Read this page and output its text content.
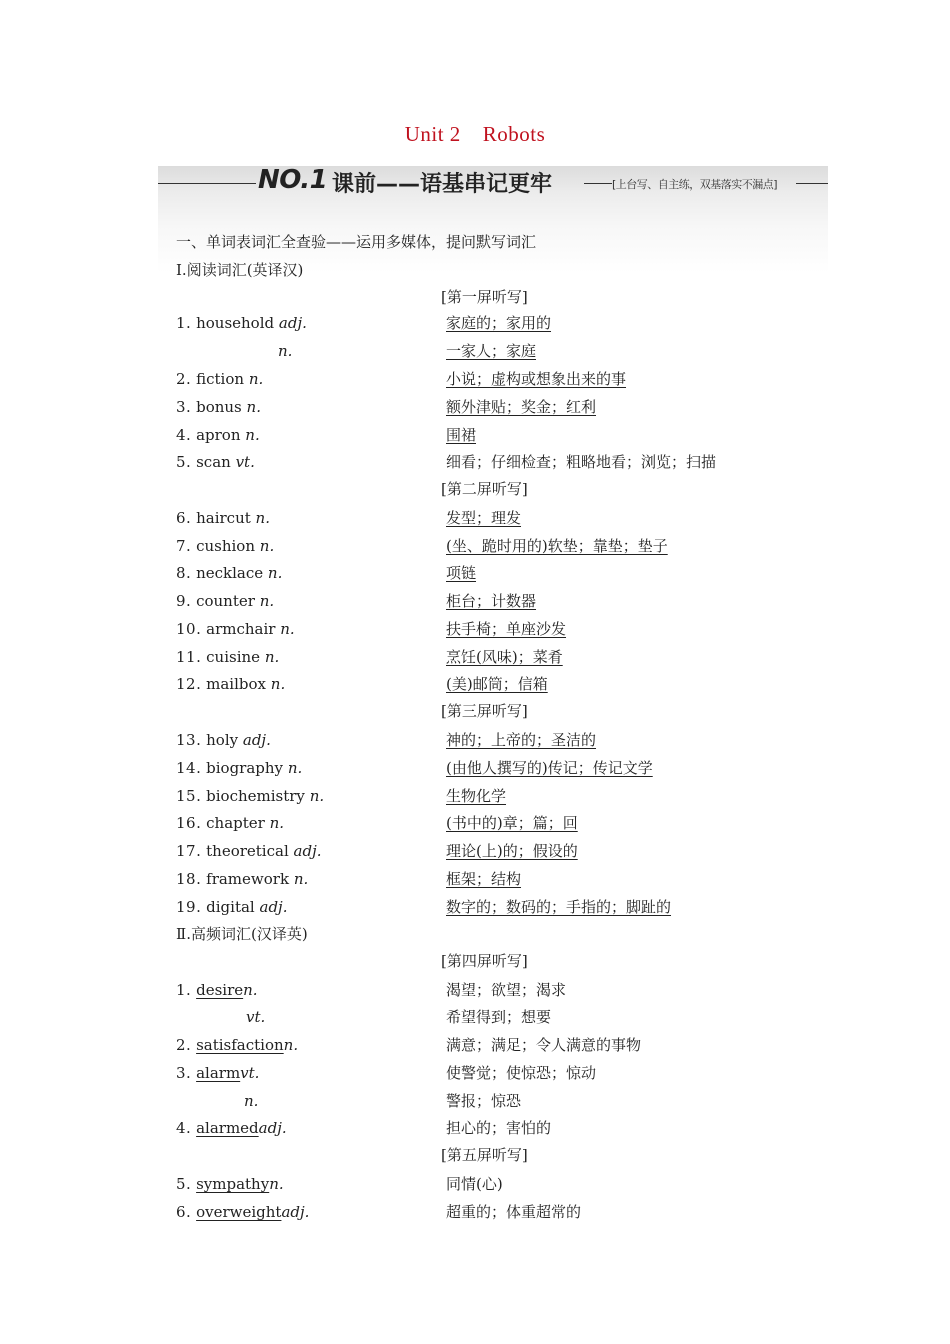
Unit 2 Robots
NO.1 课前——语基串记更牢	[上台写、自主练，双基落实不漏点]
一、单词表词汇全查验——运用多媒体，提问默写词汇
Ⅰ.阅读词汇(英译汉)
[第一屏听写]
[第二屏听写]
[第三屏听写]
Ⅱ.高频词汇(汉译英)
[第四屏听写]
[第五屏听写]
1. household adj.	家庭的；家用的
n.	一家人；家庭
2. fiction n.	小说；虚构或想象出来的事
3. bonus n.	额外津贴；奖金；红利
4. apron n.	围裙
5. scan vt.	细看；仔细检查；粗略地看；浏览；扫描
6. haircut n.	发型；理发
7. cushion n.	(坐、跪时用的)软垫；靠垫；垫子
8. necklace n.	项链
9. counter n.	柜台；计数器
10. armchair n.	扶手椅；单座沙发
11. cuisine n.	烹饪(风味)；菜肴
12. mailbox n.	(美)邮筒；信箱
13. holy adj.	神的；上帝的；圣洁的
14. biography n.	(由他人撰写的)传记；传记文学
15. biochemistry n.	生物化学
16. chapter n.	(书中的)章；篇；回
17. theoretical adj.	理论(上)的；假设的
18. framework n.	框架；结构
19. digital adj.	数字的；数码的；手指的；脚趾的
1. desiren.	渴望；欲望；渴求
vt.	希望得到；想要
2. satisfactionn.	满意；满足；令人满意的事物
3. alarmvt.	使警觉；使惊恐；惊动
n.	警报；惊恐
4. alarmedadj.	担心的；害怕的
5. sympathyn.	同情(心)
6. overweightadj.	超重的；体重超常的
